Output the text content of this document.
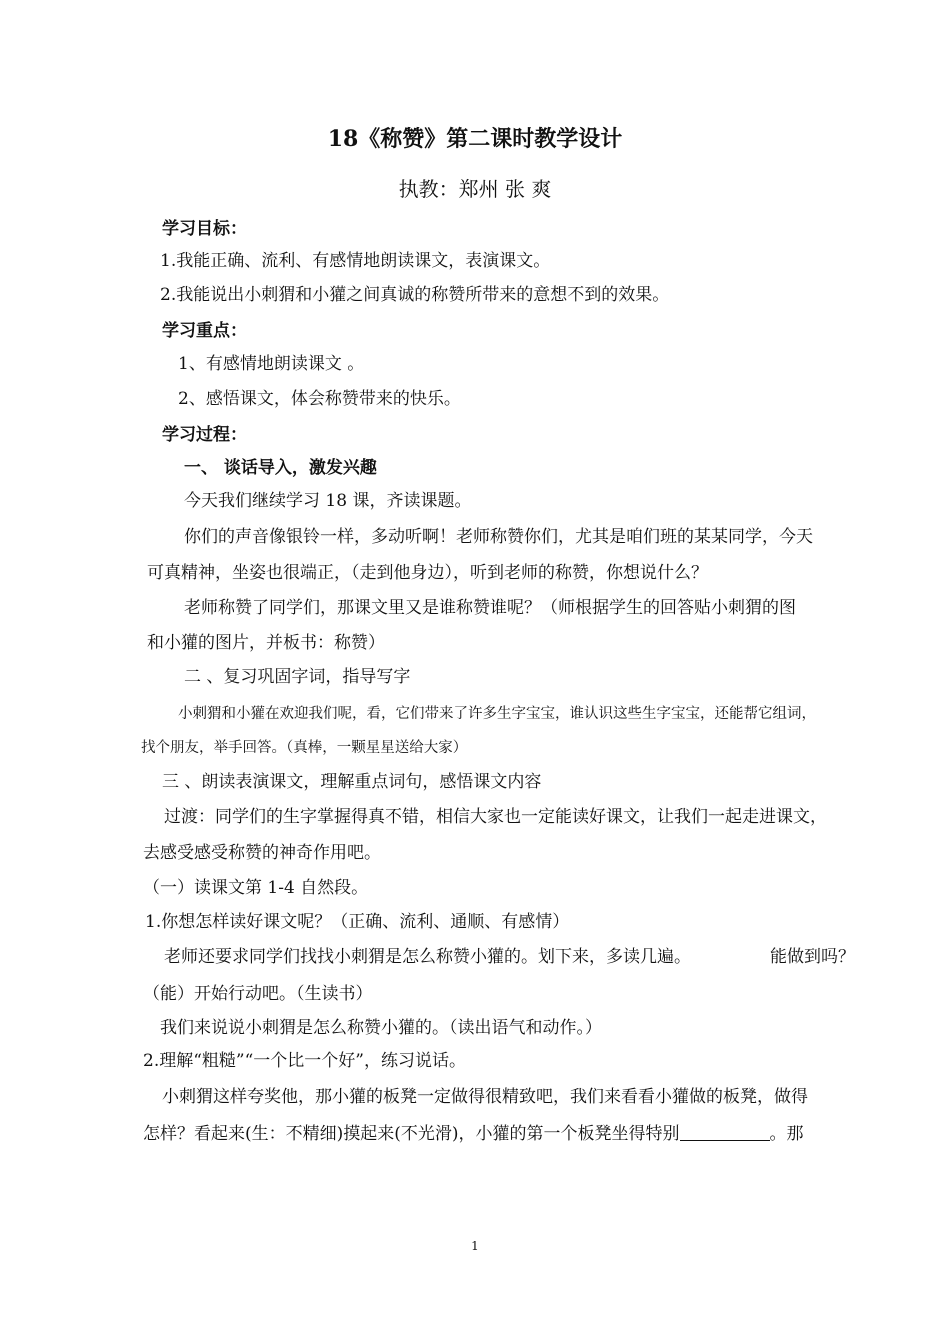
18《称赞》第二课时教学设计
执教：郑州 张 爽
学习目标：
1.我能正确、流利、有感情地朗读课文，表演课文。
2.我能说出小刺猬和小獾之间真诚的称赞所带来的意想不到的效果。
学习重点：
1、有感情地朗读课文 。
2、感悟课文，体会称赞带来的快乐。
学习过程：
一、 谈话导入，激发兴趣
今天我们继续学习 18 课，齐读课题。
你们的声音像银铃一样，多动听啊！老师称赞你们，尤其是咱们班的某某同学，今天
可真精神，坐姿也很端正，（走到他身边），听到老师的称赞，你想说什么？
老师称赞了同学们，那课文里又是谁称赞谁呢？（师根据学生的回答贴小刺猬的图
和小獾的图片，并板书：称赞）
二 、复习巩固字词，指导写字
小刺猬和小獾在欢迎我们呢，看，它们带来了许多生字宝宝，谁认识这些生字宝宝，还能帮它组词，
找个朋友，举手回答。（真棒，一颗星星送给大家）
三 、朗读表演课文，理解重点词句，感悟课文内容
过渡：同学们的生字掌握得真不错，相信大家也一定能读好课文，让我们一起走进课文，
去感受感受称赞的神奇作用吧。
（一）读课文第 1-4 自然段。
1.你想怎样读好课文呢？（正确、流利、通顺、有感情）
老师还要求同学们找找小刺猬是怎么称赞小獾的。划下来，多读几遍。	能做到吗？
（能）开始行动吧。（生读书）
我们来说说小刺猬是怎么称赞小獾的。（读出语气和动作。）
2.理解“粗糙”“一个比一个好”，练习说话。
小刺猬这样夸奖他，那小獾的板凳一定做得很精致吧，我们来看看小獾做的板凳，做得
怎样？看起来(生：不精细)摸起来(不光滑)，小獾的第一个板凳坐得特别	。那
1
